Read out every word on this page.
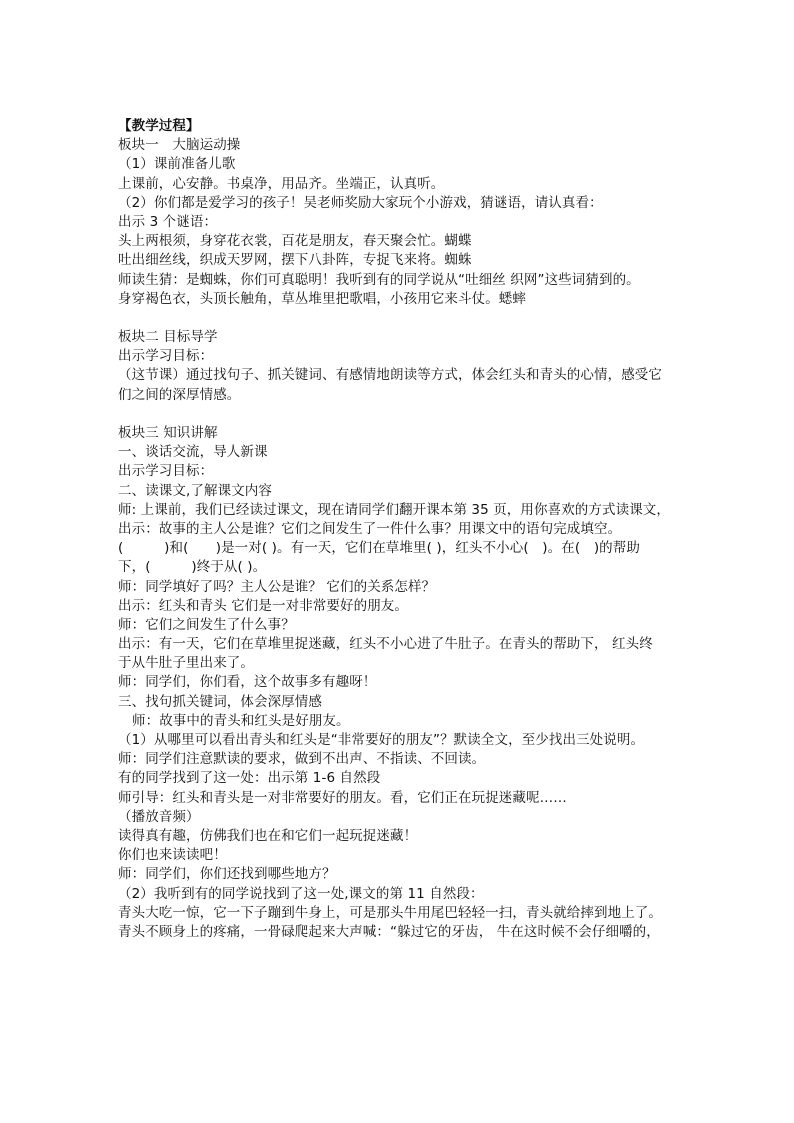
【教学过程】
板块一　大脑运动操
（1）课前准备儿歌
上课前，心安静。书桌净，用品齐。坐端正，认真听。
（2）你们都是爱学习的孩子！吴老师奖励大家玩个小游戏，猜谜语，请认真看：
出示 3 个谜语：
头上两根须，身穿花衣裳，百花是朋友，春天聚会忙。蝴蝶
吐出细丝线，织成天罗网，摆下八卦阵，专捉飞来将。蜘蛛
师读生猜：是蜘蛛，你们可真聪明！我听到有的同学说从“吐细丝 织网”这些词猜到的。
身穿褐色衣，头顶长触角，草丛堆里把歌唱，小孩用它来斗仗。蟋蟀
板块二 目标导学
出示学习目标：
（这节课）通过找句子、抓关键词、有感情地朗读等方式，体会红头和青头的心情，感受它
们之间的深厚情感。
板块三 知识讲解
一、谈话交流，导人新课
出示学习目标：
二、读课文,了解课文内容
师: 上课前，我们已经读过课文，现在请同学们翻开课本第 35 页，用你喜欢的方式读课文，
出示：故事的主人公是谁？它们之间发生了一件什么事？用课文中的语句完成填空。
(　　　)和(　　)是一对( )。有一天，它们在草堆里( )，红头不小心(　)。在(　)的帮助
下，(　　　)终于从( )。
师：同学填好了吗？主人公是谁？ 它们的关系怎样？
出示：红头和青头 它们是一对非常要好的朋友。
师：它们之间发生了什么事？
出示：有一天，它们在草堆里捉迷藏，红头不小心进了牛肚子。在青头的帮助下， 红头终
于从牛肚子里出来了。
师：同学们，你们看，这个故事多有趣呀！
三、找句抓关键词，体会深厚情感
师：故事中的青头和红头是好朋友。
（1）从哪里可以看出青头和红头是“非常要好的朋友”？默读全文，至少找出三处说明。
师：同学们注意默读的要求，做到不出声、不指读、不回读。
有的同学找到了这一处：出示第 1-6 自然段
师引导：红头和青头是一对非常要好的朋友。看，它们正在玩捉迷藏呢……
（播放音频）
读得真有趣，仿佛我们也在和它们一起玩捉迷藏！
你们也来读读吧！
师：同学们，你们还找到哪些地方？
（2）我听到有的同学说找到了这一处,课文的第 11 自然段：
青头大吃一惊，它一下子蹦到牛身上，可是那头牛用尾巴轻轻一扫，青头就给摔到地上了。
青头不顾身上的疼痛，一骨碌爬起来大声喊：“躲过它的牙齿， 牛在这时候不会仔细嚼的，
